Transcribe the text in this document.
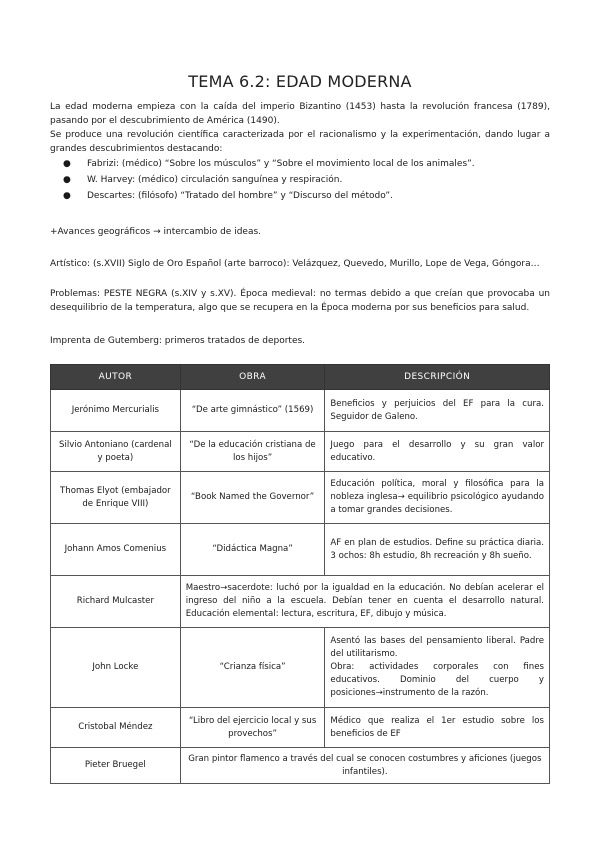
TEMA 6.2: EDAD MODERNA

La edad moderna empieza con la caída del imperio Bizantino (1453) hasta la revolución francesa (1789), pasando por el descubrimiento de América (1490).

Se produce una revolución científica caracterizada por el racionalismo y la experimentación, dando lugar a grandes descubrimientos destacando:

● Fabrizi: (médico) “Sobre los músculos” y “Sobre el movimiento local de los animales”.
● W. Harvey: (médico) circulación sanguínea y respiración.
● Descartes: (filósofo) “Tratado del hombre” y “Discurso del método”.
+Avances geográficos → intercambio de ideas.
Artístico: (s.XVII) Siglo de Oro Español (arte barroco): Velázquez, Quevedo, Murillo, Lope de Vega, Góngora…

Problemas: PESTE NEGRA (s.XIV y s.XV). Época medieval: no termas debido a que creían que provocaba un desequilibrio de la temperatura, algo que se recupera en la Época moderna por sus beneficios para salud.

Imprenta de Gutemberg: primeros tratados de deportes.
AUTOR	OBRA	DESCRIPCIÓN
Jerónimo Mercurialis	“De arte gimnástico” (1569)	Beneficios y perjuicios del EF para la cura. Seguidor de Galeno.
Silvio Antoniano (cardenal y poeta)	“De la educación cristiana de los hijos”	Juego para el desarrollo y su gran valor educativo.
Thomas Elyot (embajador de Enrique VIII)	“Book Named the Governor”	Educación política, moral y filosófica para la nobleza inglesa→ equilibrio psicológico ayudando a tomar grandes decisiones.
Johann Amos Comenius	“Didáctica Magna”	AF en plan de estudios. Define su práctica diaria. 3 ochos: 8h estudio, 8h recreación y 8h sueño.
Richard Mulcaster	Maestro→sacerdote: luchó por la igualdad en la educación. No debían acelerar el ingreso del niño a la escuela. Debían tener en cuenta el desarrollo natural. Educación elemental: lectura, escritura, EF, dibujo y música.	
John Locke	“Crianza física”	Asentó las bases del pensamiento liberal. Padre del utilitarismo.
Obra: actividades corporales con fines educativos. Dominio del cuerpo y posiciones→instrumento de la razón.

Cristobal Méndez	“Libro del ejercicio local y sus provechos”	Médico que realiza el 1er estudio sobre los beneficios de EF
Pieter Bruegel	Gran pintor flamenco a través del cual se conocen costumbres y aficiones (juegos infantiles).	
